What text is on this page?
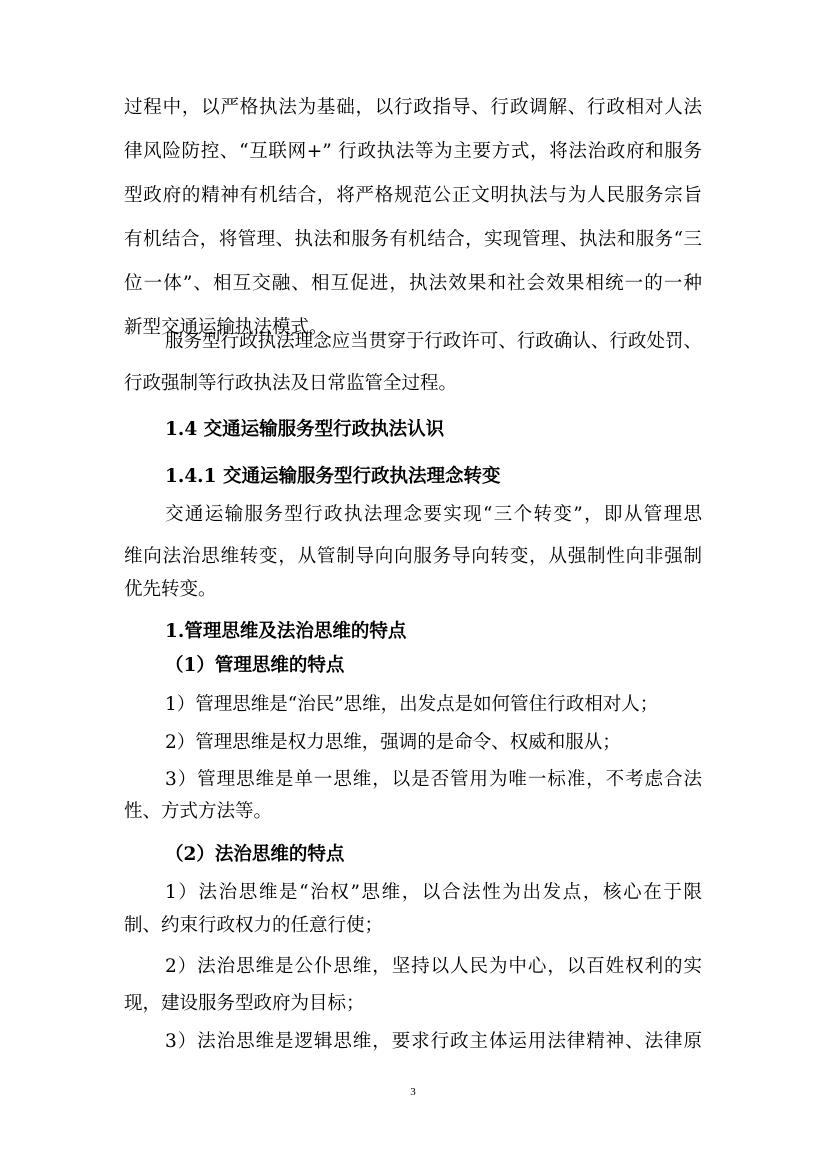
过程中，以严格执法为基础，以行政指导、行政调解、行政相对人法
律风险防控、“互联网+” 行政执法等为主要方式，将法治政府和服务
型政府的精神有机结合，将严格规范公正文明执法与为人民服务宗旨
有机结合，将管理、执法和服务有机结合，实现管理、执法和服务“三
位一体”、相互交融、相互促进，执法效果和社会效果相统一的一种
新型交通运输执法模式。
服务型行政执法理念应当贯穿于行政许可、行政确认、行政处罚、
行政强制等行政执法及日常监管全过程。
1.4 交通运输服务型行政执法认识
1.4.1 交通运输服务型行政执法理念转变
交通运输服务型行政执法理念要实现“三个转变”，即从管理思
维向法治思维转变，从管制导向向服务导向转变，从强制性向非强制
优先转变。
1.管理思维及法治思维的特点
（1）管理思维的特点
1）管理思维是“治民”思维，出发点是如何管住行政相对人；
2）管理思维是权力思维，强调的是命令、权威和服从；
3）管理思维是单一思维，以是否管用为唯一标准，不考虑合法
性、方式方法等。
（2）法治思维的特点
1）法治思维是“治权”思维，以合法性为出发点，核心在于限
制、约束行政权力的任意行使；
2）法治思维是公仆思维，坚持以人民为中心，以百姓权利的实
现，建设服务型政府为目标；
3）法治思维是逻辑思维，要求行政主体运用法律精神、法律原
3
